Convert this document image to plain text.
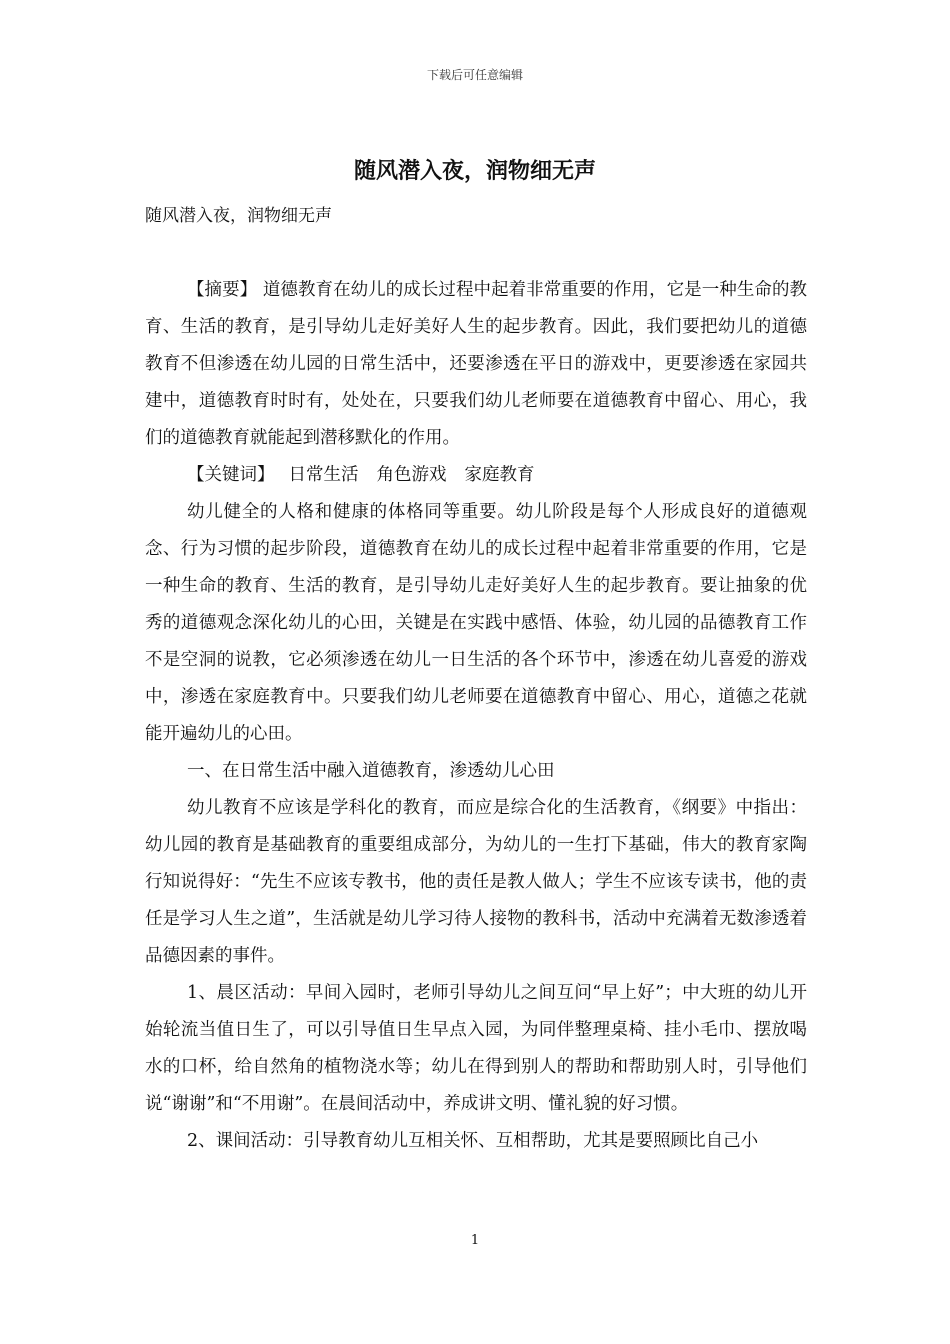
下载后可任意编辑
随风潜入夜，润物细无声
随风潜入夜，润物细无声

【摘要】 道德教育在幼儿的成长过程中起着非常重要的作用，它是一种生命的教育、生活的教育，是引导幼儿走好美好人生的起步教育。因此，我们要把幼儿的道德教育不但渗透在幼儿园的日常生活中，还要渗透在平日的游戏中，更要渗透在家园共建中，道德教育时时有，处处在，只要我们幼儿老师要在道德教育中留心、用心，我们的道德教育就能起到潜移默化的作用。

【关键词】 日常生活 角色游戏 家庭教育

幼儿健全的人格和健康的体格同等重要。幼儿阶段是每个人形成良好的道德观念、行为习惯的起步阶段，道德教育在幼儿的成长过程中起着非常重要的作用，它是一种生命的教育、生活的教育，是引导幼儿走好美好人生的起步教育。要让抽象的优秀的道德观念深化幼儿的心田，关键是在实践中感悟、体验，幼儿园的品德教育工作不是空洞的说教，它必须渗透在幼儿一日生活的各个环节中，渗透在幼儿喜爱的游戏中，渗透在家庭教育中。只要我们幼儿老师要在道德教育中留心、用心，道德之花就能开遍幼儿的心田。

一、在日常生活中融入道德教育，渗透幼儿心田

幼儿教育不应该是学科化的教育，而应是综合化的生活教育，《纲要》中指出：幼儿园的教育是基础教育的重要组成部分，为幼儿的一生打下基础，伟大的教育家陶行知说得好：“先生不应该专教书，他的责任是教人做人；学生不应该专读书，他的责任是学习人生之道”，生活就是幼儿学习待人接物的教科书，活动中充满着无数渗透着品德因素的事件。

1、晨区活动：早间入园时，老师引导幼儿之间互问“早上好”；中大班的幼儿开始轮流当值日生了，可以引导值日生早点入园，为同伴整理桌椅、挂小毛巾、摆放喝水的口杯，给自然角的植物浇水等；幼儿在得到别人的帮助和帮助别人时，引导他们说“谢谢”和“不用谢”。在晨间活动中，养成讲文明、懂礼貌的好习惯。

2、课间活动：引导教育幼儿互相关怀、互相帮助，尤其是要照顾比自己小

1
